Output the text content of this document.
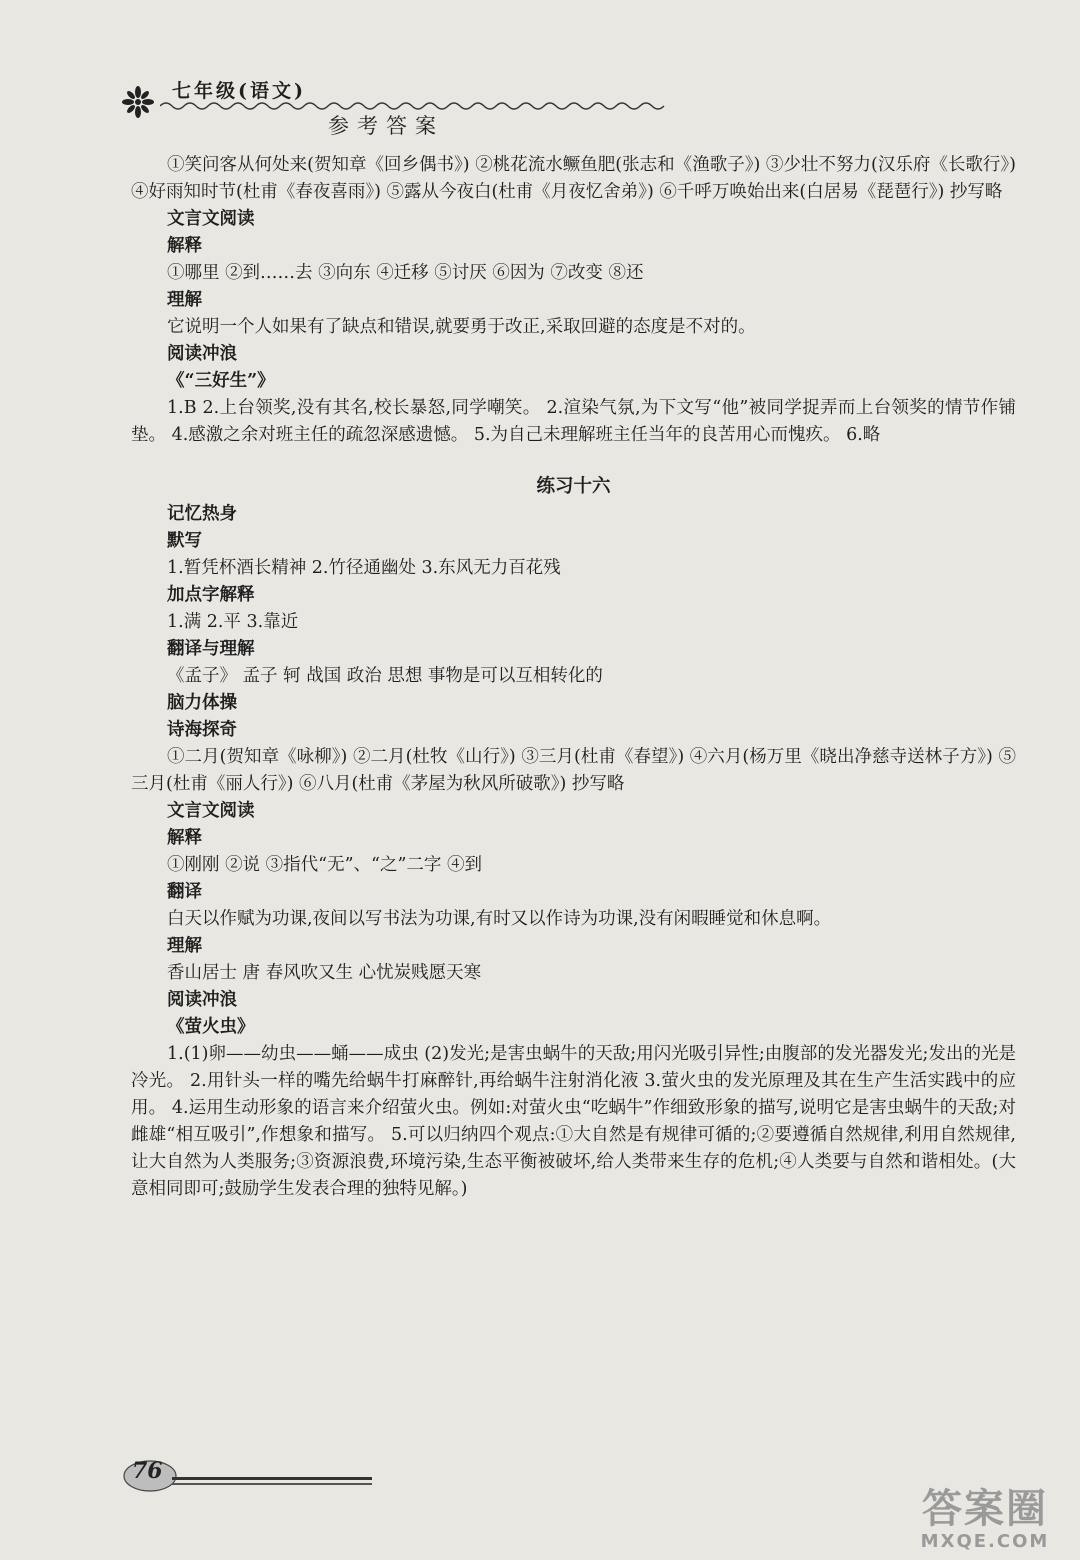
七年级(语文)
参考答案
①笑问客从何处来(贺知章《回乡偶书》) ②桃花流水鳜鱼肥(张志和《渔歌子》) ③少壮不努力(汉乐府《长歌行》) ④好雨知时节(杜甫《春夜喜雨》) ⑤露从今夜白(杜甫《月夜忆舍弟》) ⑥千呼万唤始出来(白居易《琵琶行》) 抄写略
文言文阅读
解释
①哪里 ②到……去 ③向东 ④迁移 ⑤讨厌 ⑥因为 ⑦改变 ⑧还
理解
它说明一个人如果有了缺点和错误,就要勇于改正,采取回避的态度是不对的。
阅读冲浪
《“三好生”》
1.B 2.上台领奖,没有其名,校长暴怒,同学嘲笑。 2.渲染气氛,为下文写“他”被同学捉弄而上台领奖的情节作铺垫。 4.感激之余对班主任的疏忽深感遗憾。 5.为自己未理解班主任当年的良苦用心而愧疚。 6.略
练习十六
记忆热身
默写
1.暂凭杯酒长精神 2.竹径通幽处 3.东风无力百花残
加点字解释
1.满 2.平 3.靠近
翻译与理解
《孟子》 孟子 轲 战国 政治 思想 事物是可以互相转化的
脑力体操
诗海探奇
①二月(贺知章《咏柳》) ②二月(杜牧《山行》) ③三月(杜甫《春望》) ④六月(杨万里《晓出净慈寺送林子方》) ⑤三月(杜甫《丽人行》) ⑥八月(杜甫《茅屋为秋风所破歌》) 抄写略
文言文阅读
解释
①刚刚 ②说 ③指代“无”、“之”二字 ④到
翻译
白天以作赋为功课,夜间以写书法为功课,有时又以作诗为功课,没有闲暇睡觉和休息啊。
理解
香山居士 唐 春风吹又生 心忧炭贱愿天寒
阅读冲浪
《萤火虫》
1.(1)卵——幼虫——蛹——成虫 (2)发光;是害虫蜗牛的天敌;用闪光吸引异性;由腹部的发光器发光;发出的光是冷光。 2.用针头一样的嘴先给蜗牛打麻醉针,再给蜗牛注射消化液 3.萤火虫的发光原理及其在生产生活实践中的应用。 4.运用生动形象的语言来介绍萤火虫。例如:对萤火虫“吃蜗牛”作细致形象的描写,说明它是害虫蜗牛的天敌;对雌雄“相互吸引”,作想象和描写。 5.可以归纳四个观点:①大自然是有规律可循的;②要遵循自然规律,利用自然规律,让大自然为人类服务;③资源浪费,环境污染,生态平衡被破坏,给人类带来生存的危机;④人类要与自然和谐相处。(大意相同即可;鼓励学生发表合理的独特见解。)
76
答案圈
MXQE.COM
